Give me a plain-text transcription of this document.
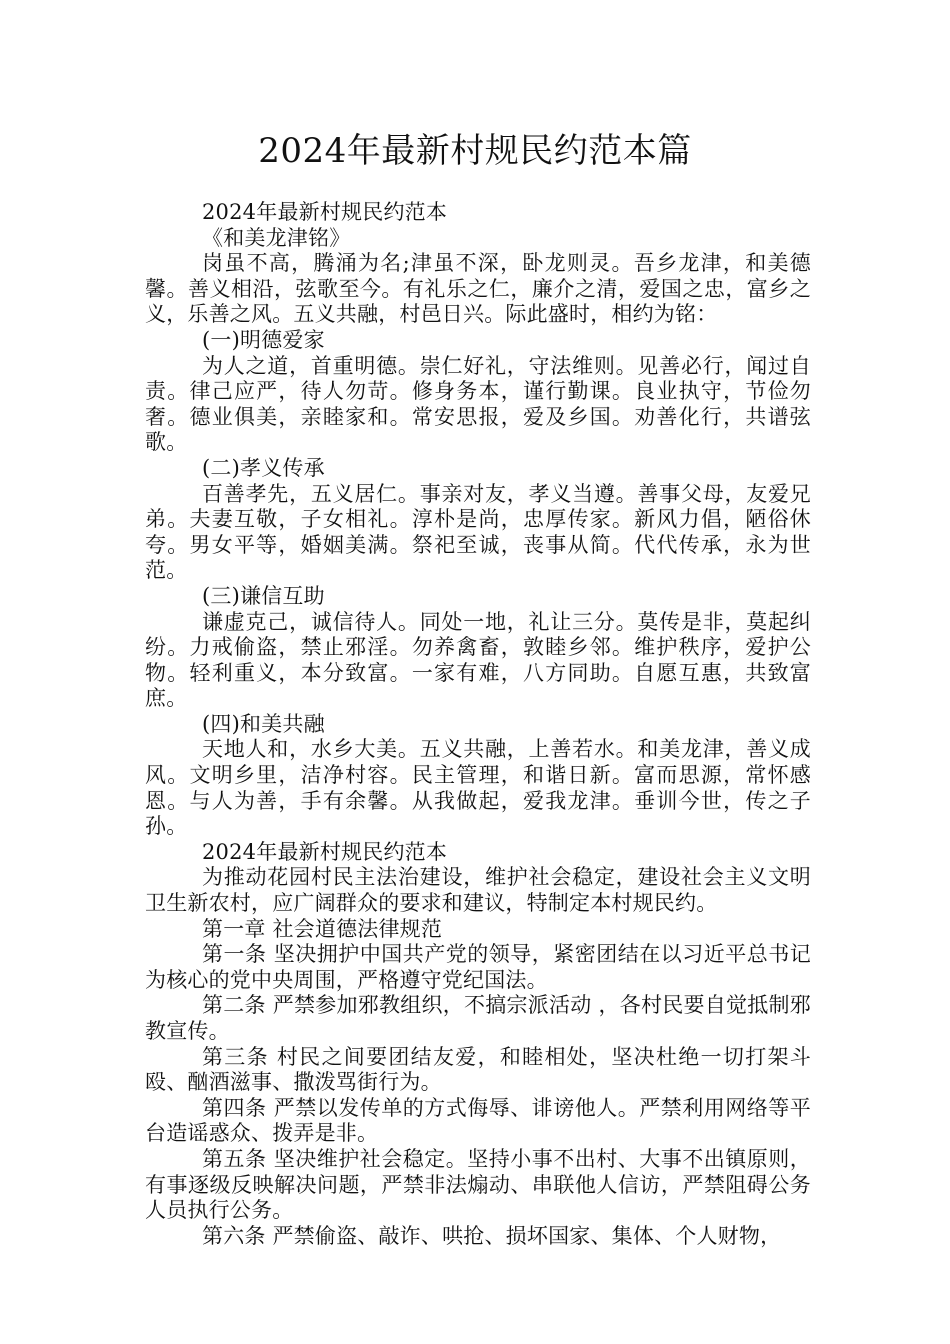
2024年最新村规民约范本篇

2024年最新村规民约范本

《和美龙津铭》

岗虽不高，腾涌为名;津虽不深，卧龙则灵。吾乡龙津，和美德馨。善义相沿，弦歌至今。有礼乐之仁，廉介之清，爱国之忠，富乡之义，乐善之风。五义共融，村邑日兴。际此盛时，相约为铭：

(一)明德爱家

为人之道，首重明德。崇仁好礼，守法维则。见善必行，闻过自责。律己应严，待人勿苛。修身务本，谨行勤课。良业执守，节俭勿奢。德业俱美，亲睦家和。常安思报，爱及乡国。劝善化行，共谱弦歌。

(二)孝义传承

百善孝先，五义居仁。事亲对友，孝义当遵。善事父母，友爱兄弟。夫妻互敬，子女相礼。淳朴是尚，忠厚传家。新风力倡，陋俗休夸。男女平等，婚姻美满。祭祀至诚，丧事从简。代代传承，永为世范。

(三)谦信互助

谦虚克己，诚信待人。同处一地，礼让三分。莫传是非，莫起纠纷。力戒偷盗，禁止邪淫。勿养禽畜，敦睦乡邻。维护秩序，爱护公物。轻利重义，本分致富。一家有难，八方同助。自愿互惠，共致富庶。

(四)和美共融

天地人和，水乡大美。五义共融，上善若水。和美龙津，善义成风。文明乡里，洁净村容。民主管理，和谐日新。富而思源，常怀感恩。与人为善，手有余馨。从我做起，爱我龙津。垂训今世，传之子孙。

2024年最新村规民约范本

为推动花园村民主法治建设，维护社会稳定，建设社会主义文明卫生新农村，应广阔群众的要求和建议，特制定本村规民约。

第一章 社会道德法律规范

第一条 坚决拥护中国共产党的领导，紧密团结在以习近平总书记为核心的党中央周围，严格遵守党纪国法。

第二条 严禁参加邪教组织，不搞宗派活动 ，各村民要自觉抵制邪教宣传。

第三条 村民之间要团结友爱，和睦相处，坚决杜绝一切打架斗殴、酗酒滋事、撒泼骂街行为。

第四条 严禁以发传单的方式侮辱、诽谤他人。严禁利用网络等平台造谣惑众、拨弄是非。

第五条 坚决维护社会稳定。坚持小事不出村、大事不出镇原则，有事逐级反映解决问题，严禁非法煽动、串联他人信访，严禁阻碍公务人员执行公务。

第六条 严禁偷盗、敲诈、哄抢、损坏国家、集体、个人财物，
